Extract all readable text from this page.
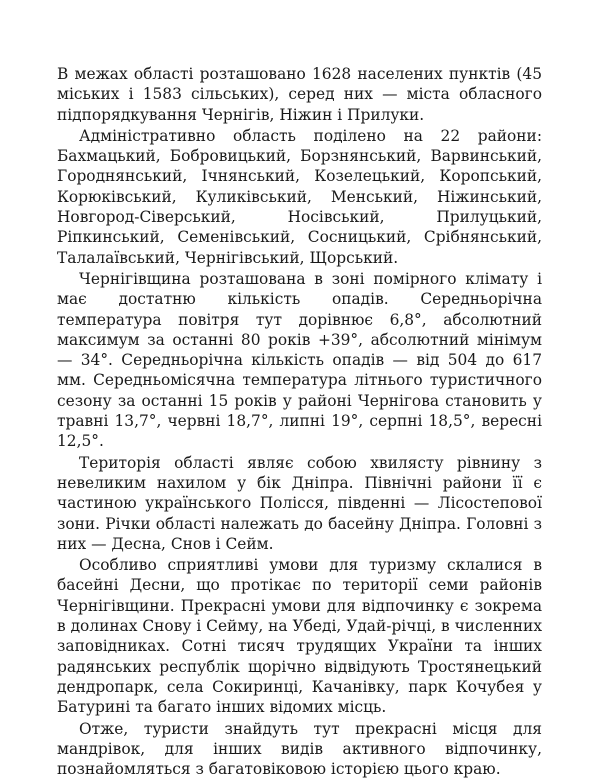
В межах області розташовано 1628 населених пунктів (45 міських і 1583 сільських), серед них — міста обласного підпорядкування Чернігів, Ніжин і Прилуки.

Адміністративно область поділено на 22 райони: Бахмацький, Бобровицький, Борзнянський, Варвинський, Городнянський, Ічнянський, Козелецький, Коропський, Корюківський, Куликівський, Менський, Ніжинський, Новгород-Сіверський, Носівський, Прилуцький, Ріпкинський, Семенівський, Сосницький, Срібнянський, Талалаївський, Чернігівський, Щорський.

Чернігівщина розташована в зоні помірного клімату і має достатню кількість опадів. Середньорічна температура повітря тут дорівнює 6,8°, абсолютний максимум за останні 80 років +39°, абсолютний мінімум — 34°. Середньорічна кількість опадів — від 504 до 617 мм. Середньомісячна температура літнього туристичного сезону за останні 15 років у районі Чернігова становить у травні 13,7°, червні 18,7°, липні 19°, серпні 18,5°, вересні 12,5°.

Територія області являє собою хвилясту рівнину з невеликим нахилом у бік Дніпра. Північні райони її є частиною українського Полісся, південні — Лісостепової зони. Річки області належать до басейну Дніпра. Головні з них — Десна, Снов і Сейм.

Особливо сприятливі умови для туризму склалися в басейні Десни, що протікає по території семи районів Чернігівщини. Прекрасні умови для відпочинку є зокрема в долинах Снову і Сейму, на Убеді, Удай-річці, в численних заповідниках. Сотні тисяч трудящих України та інших радянських республік щорічно відвідують Тростянецький дендропарк, села Сокиринці, Качанівку, парк Кочубея у Батурині та багато інших відомих місць.

Отже, туристи знайдуть тут прекрасні місця для мандрівок, для інших видів активного відпочинку, познайомляться з багатовіковою історією цього краю.
